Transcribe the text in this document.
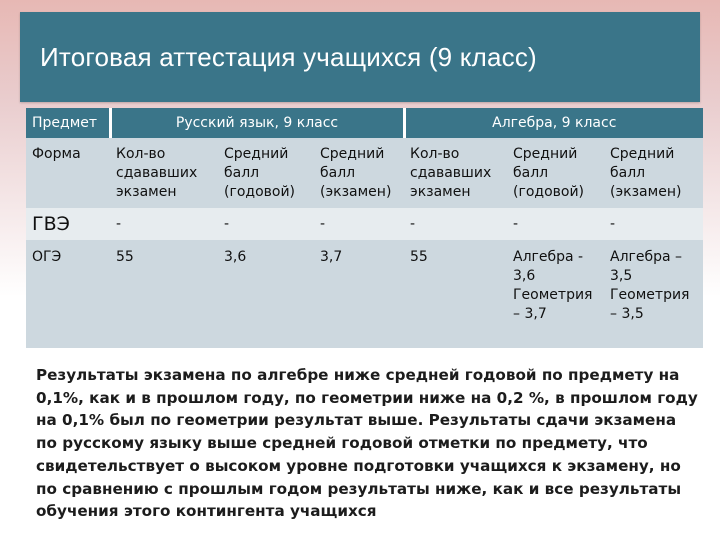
Итоговая аттестация учащихся (9 класс)
Предмет	Русский язык, 9 класс			Алгебра, 9 класс		
Форма	Кол-во сдававших экзамен	Средний балл (годовой)	Средний балл (экзамен)	Кол-во сдававших экзамен	Средний балл (годовой)	Средний балл (экзамен)
ГВЭ	-	-	-	-	-	-
ОГЭ	55	3,6	3,7	55	Алгебра - 3,6 Геометрия – 3,7	Алгебра – 3,5 Геометрия – 3,5
Результаты экзамена по алгебре ниже средней годовой по предмету на 0,1%, как и в прошлом году, по геометрии ниже на 0,2 %, в прошлом году на 0,1% был по геометрии результат выше. Результаты сдачи экзамена по русскому языку выше средней годовой отметки по предмету, что свидетельствует о высоком уровне подготовки учащихся к экзамену, но по сравнению с прошлым годом результаты ниже, как и все результаты обучения этого контингента учащихся
